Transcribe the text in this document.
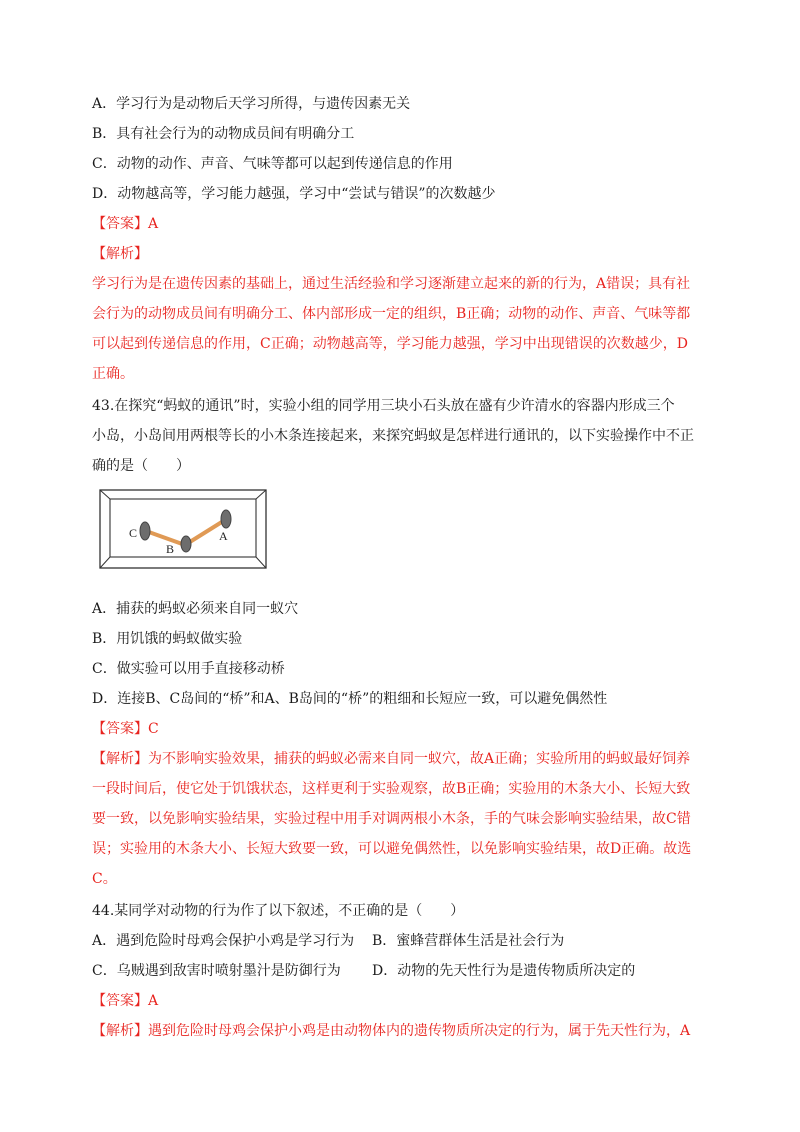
A．学习行为是动物后天学习所得，与遗传因素无关
B．具有社会行为的动物成员间有明确分工
C．动物的动作、声音、气味等都可以起到传递信息的作用
D．动物越高等，学习能力越强，学习中“尝试与错误”的次数越少
【答案】A
【解析】
学习行为是在遗传因素的基础上，通过生活经验和学习逐渐建立起来的新的行为，A错误；具有社
会行为的动物成员间有明确分工、体内部形成一定的组织，B正确；动物的动作、声音、气味等都
可以起到传递信息的作用，C正确；动物越高等，学习能力越强，学习中出现错误的次数越少，D
正确。
43.在探究“蚂蚁的通讯”时，实验小组的同学用三块小石头放在盛有少许清水的容器内形成三个
小岛，小岛间用两根等长的小木条连接起来，来探究蚂蚁是怎样进行通讯的，以下实验操作中不正
确的是（　　）
C
B
A
A．捕获的蚂蚁必须来自同一蚁穴
B．用饥饿的蚂蚁做实验
C．做实验可以用手直接移动桥
D．连接B、C岛间的“桥”和A、B岛间的“桥”的粗细和长短应一致，可以避免偶然性
【答案】C
【解析】为不影响实验效果，捕获的蚂蚁必需来自同一蚁穴，故A正确；实验所用的蚂蚁最好饲养
一段时间后，使它处于饥饿状态，这样更利于实验观察，故B正确；实验用的木条大小、长短大致
要一致，以免影响实验结果，实验过程中用手对调两根小木条，手的气味会影响实验结果，故C错
误；实验用的木条大小、长短大致要一致，可以避免偶然性，以免影响实验结果，故D正确。故选
C。
44.某同学对动物的行为作了以下叙述，不正确的是（　　）
A．遇到危险时母鸡会保护小鸡是学习行为 B．蜜蜂营群体生活是社会行为
C．乌贼遇到敌害时喷射墨汁是防御行为 D．动物的先天性行为是遗传物质所决定的
【答案】A
【解析】遇到危险时母鸡会保护小鸡是由动物体内的遗传物质所决定的行为，属于先天性行为，A
